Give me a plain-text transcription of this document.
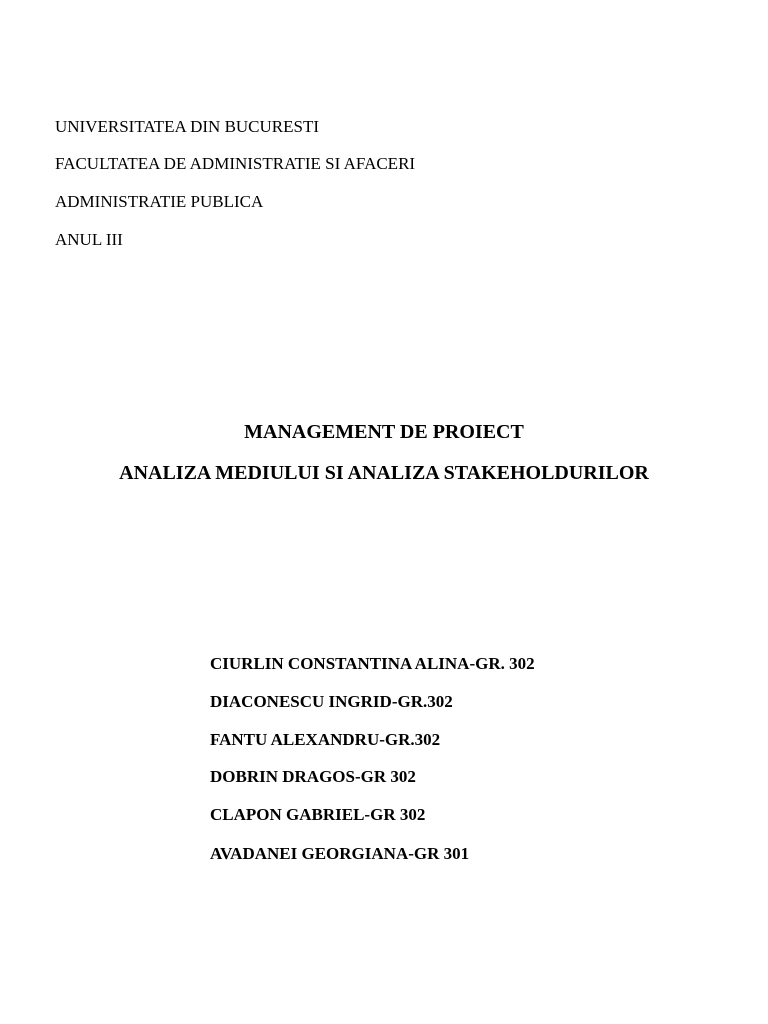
UNIVERSITATEA DIN BUCURESTI
FACULTATEA DE ADMINISTRATIE SI AFACERI
ADMINISTRATIE PUBLICA
ANUL III
MANAGEMENT DE PROIECT
ANALIZA MEDIULUI SI ANALIZA STAKEHOLDURILOR
CIURLIN CONSTANTINA ALINA-GR. 302
DIACONESCU INGRID-GR.302
FANTU ALEXANDRU-GR.302
DOBRIN DRAGOS-GR 302
CLAPON GABRIEL-GR 302
AVADANEI GEORGIANA-GR 301
